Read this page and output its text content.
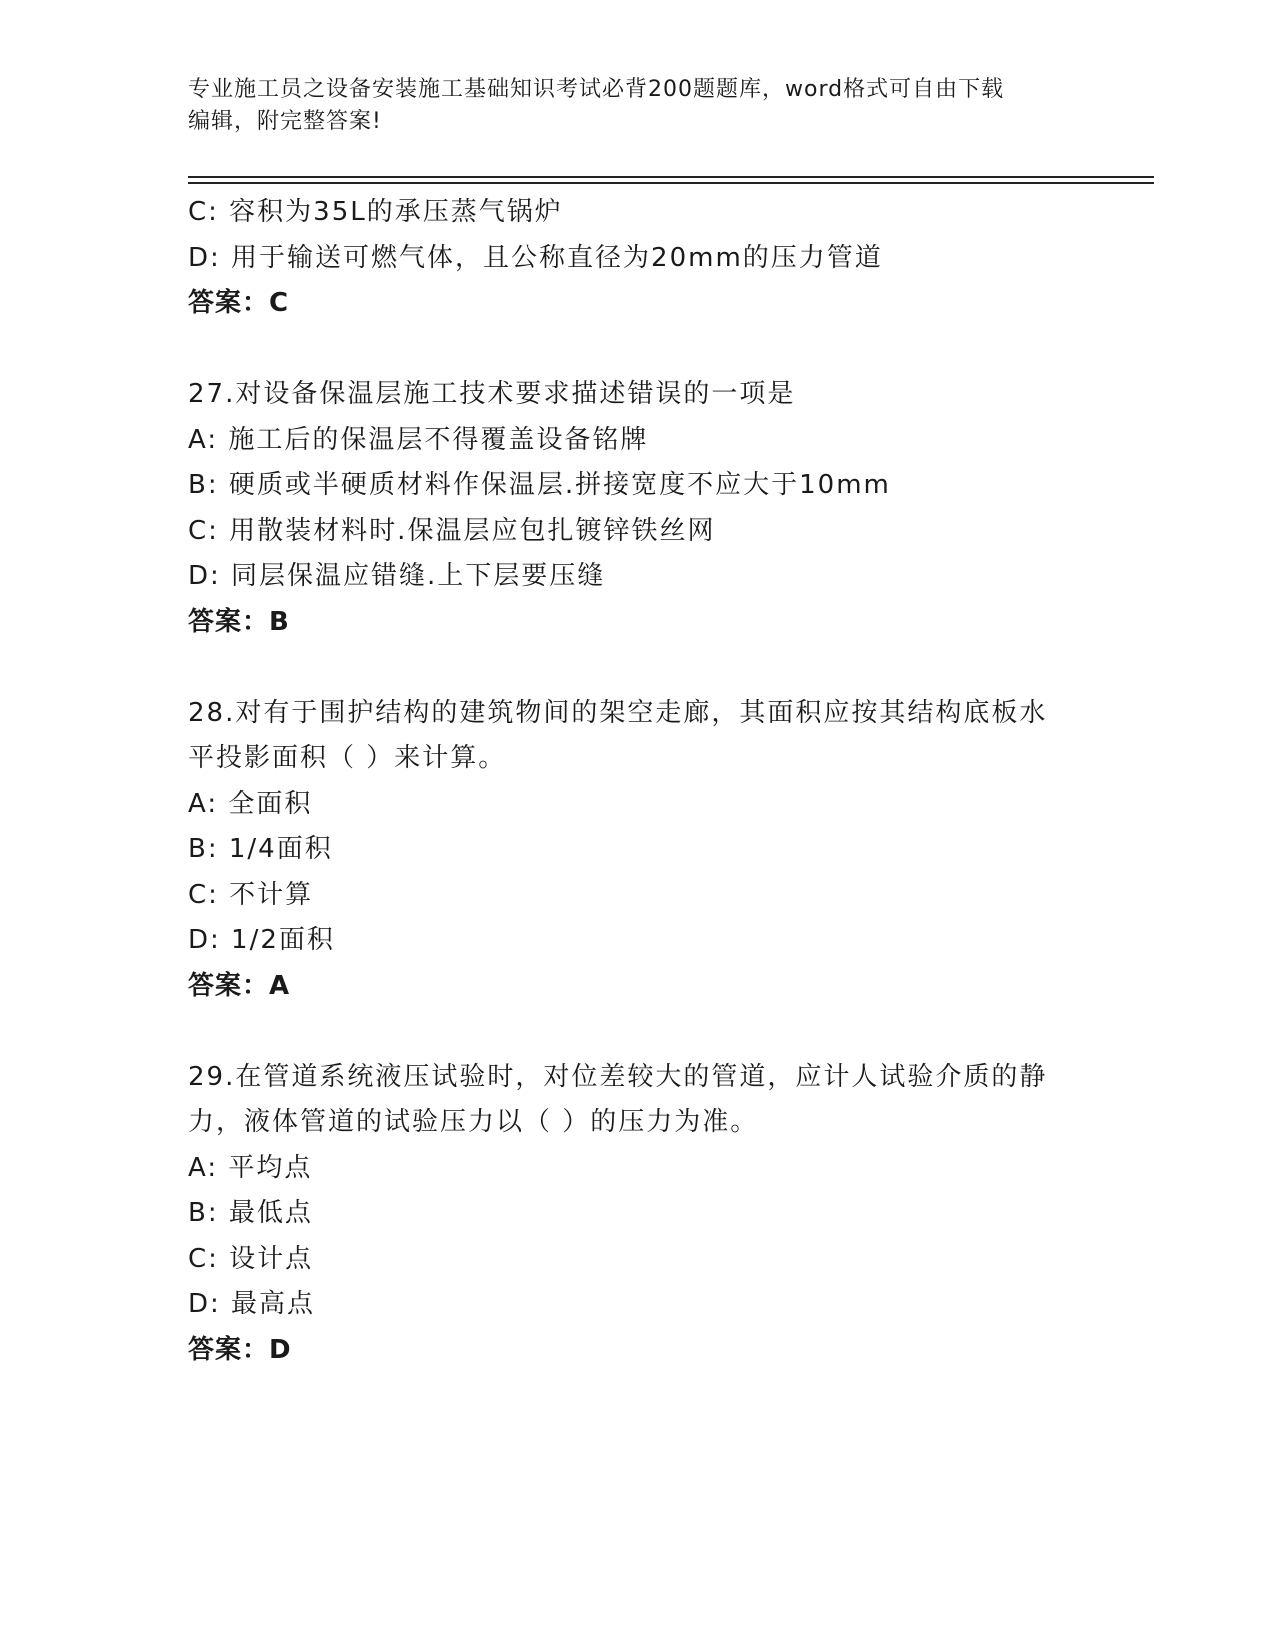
专业施工员之设备安装施工基础知识考试必背200题题库，word格式可自由下载
编辑，附完整答案!
C: 容积为35L的承压蒸气锅炉
D: 用于输送可燃气体，且公称直径为20mm的压力管道
答案：C
27.对设备保温层施工技术要求描述错误的一项是
A: 施工后的保温层不得覆盖设备铭牌
B: 硬质或半硬质材料作保温层.拼接宽度不应大于10mm
C: 用散装材料时.保温层应包扎镀锌铁丝网
D: 同层保温应错缝.上下层要压缝
答案：B
28.对有于围护结构的建筑物间的架空走廊，其面积应按其结构底板水
平投影面积（ ）来计算。
A: 全面积
B: 1/4面积
C: 不计算
D: 1/2面积
答案：A
29.在管道系统液压试验时，对位差较大的管道，应计人试验介质的静
力，液体管道的试验压力以（ ）的压力为准。
A: 平均点
B: 最低点
C: 设计点
D: 最高点
答案：D
